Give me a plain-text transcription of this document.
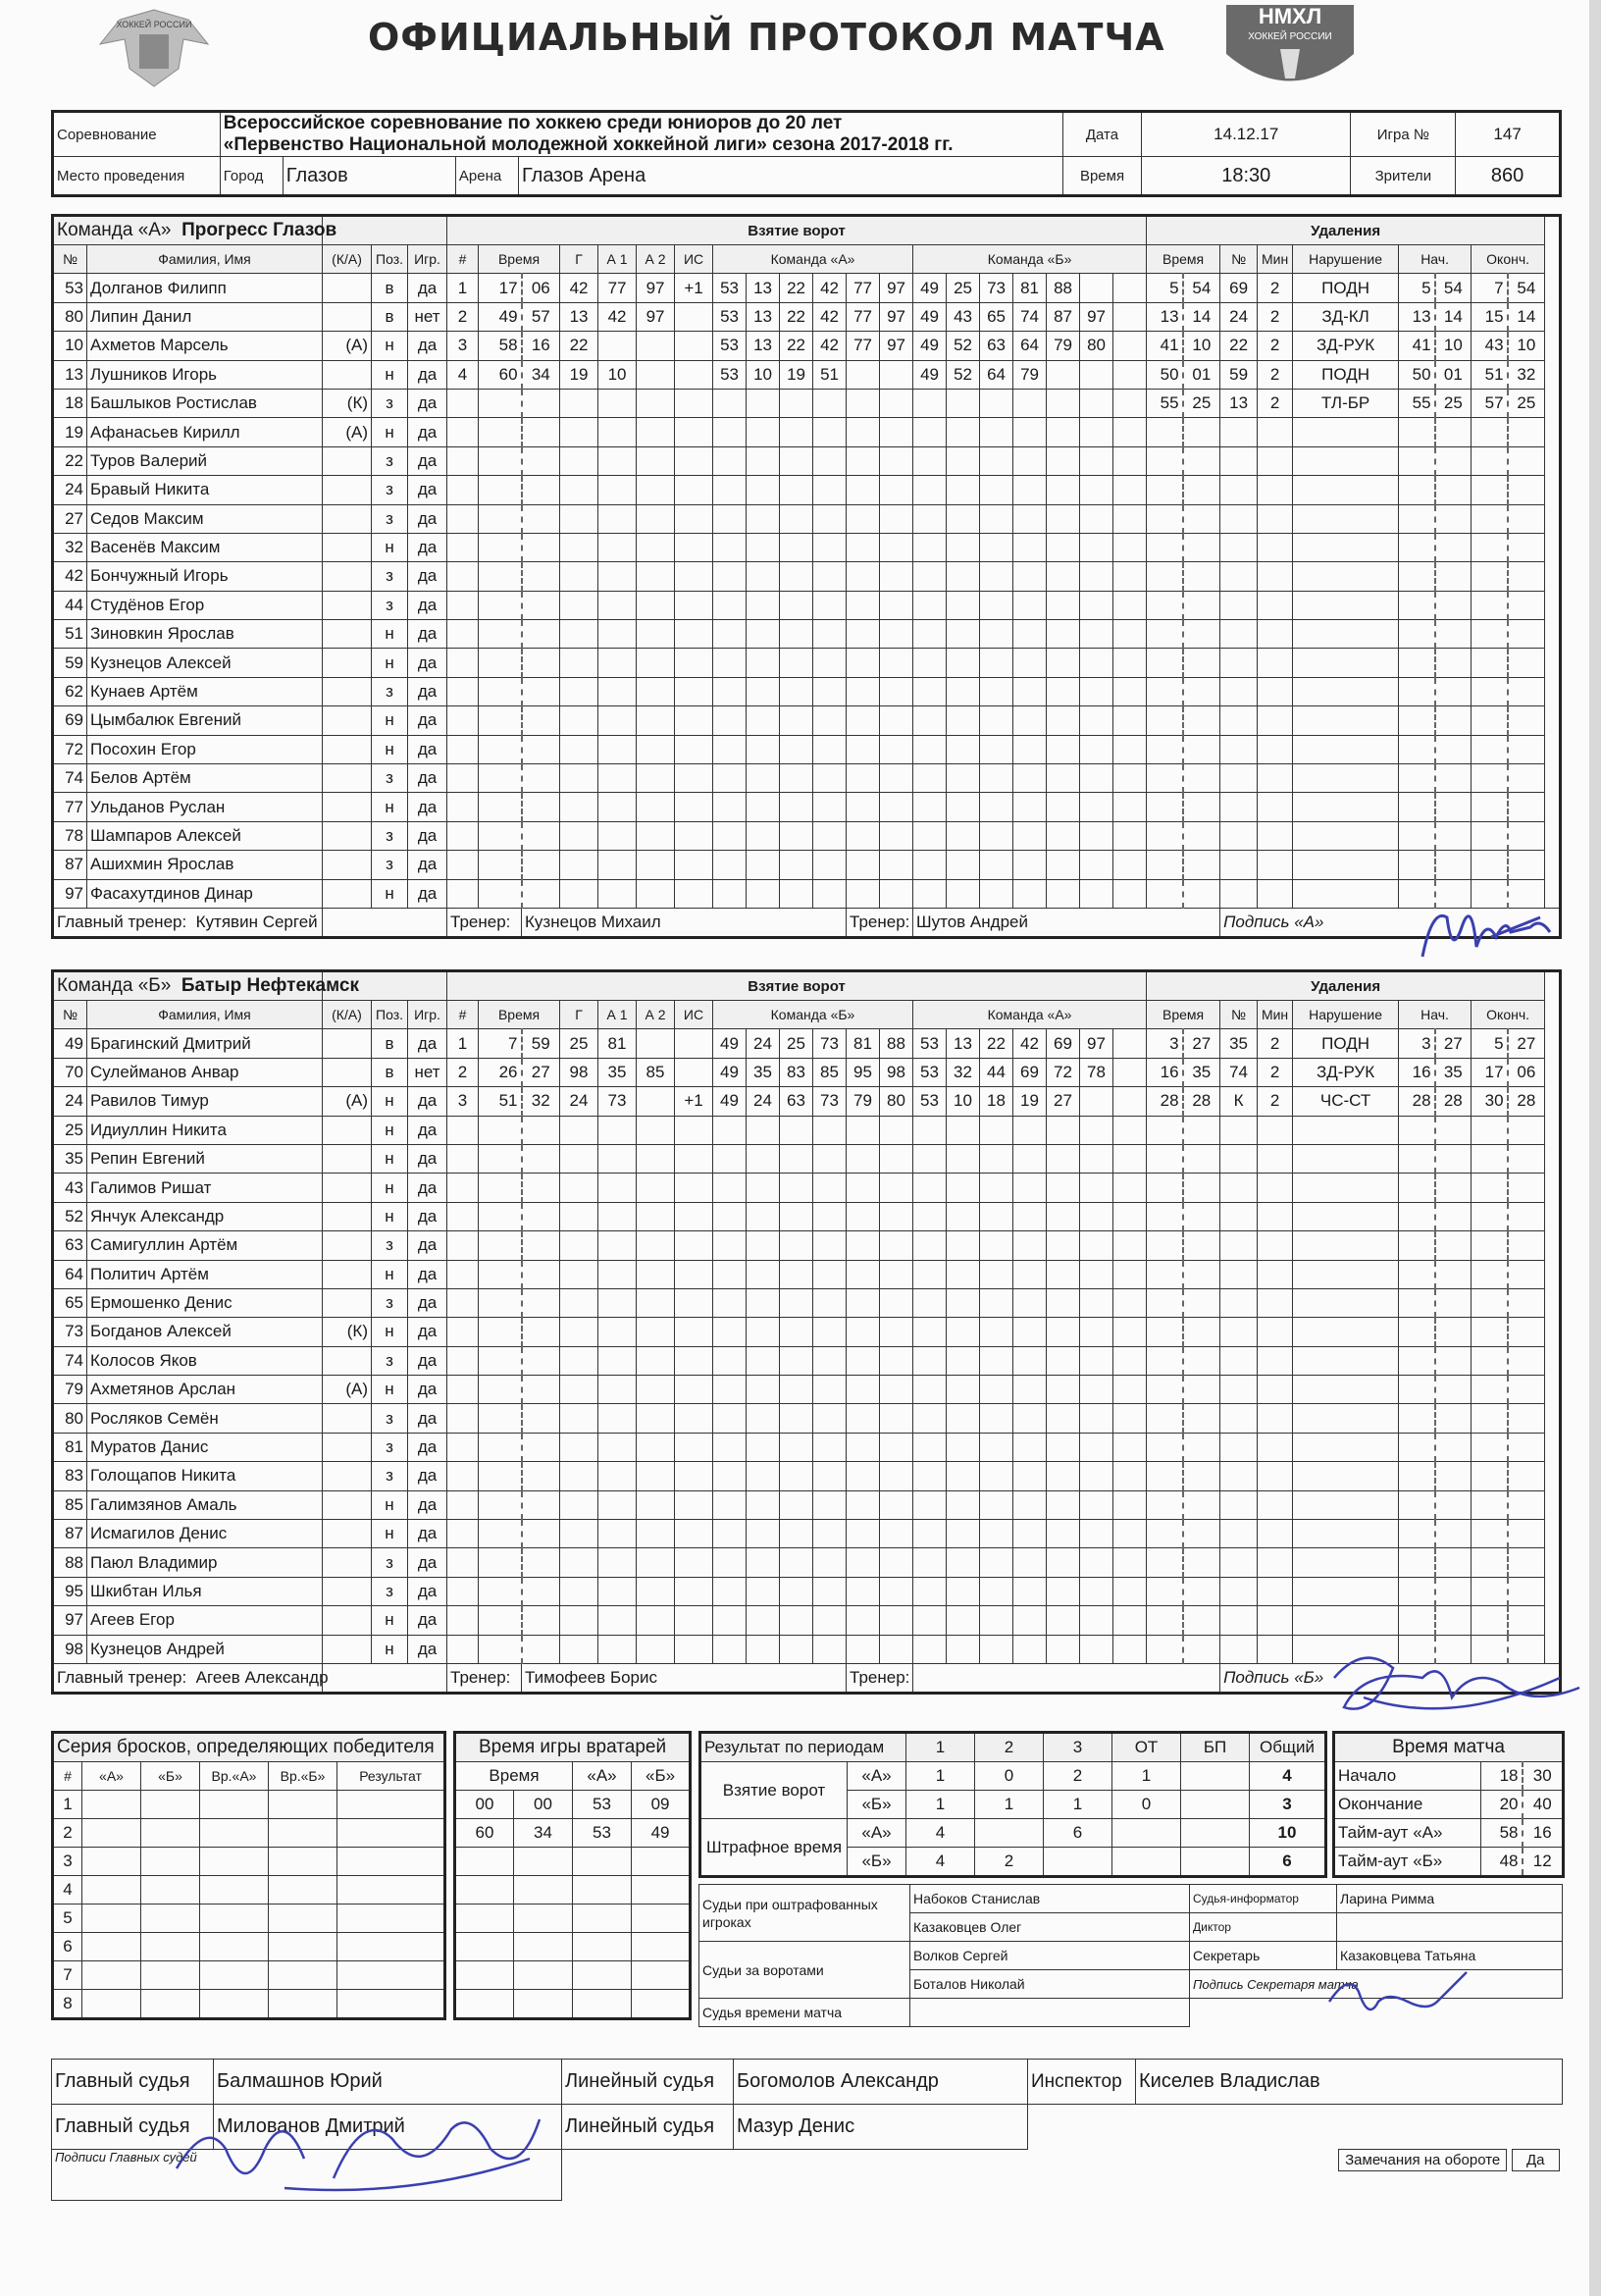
ХОККЕЙ РОССИИ	ОФИЦИАЛЬНЫЙ ПРОТОКОЛ МАТЧА	НМХЛ
ХОККЕЙ РОССИИ
Соревнование	Всероссийское соревнование по хоккею среди юниоров до 20 лет
«Первенство Национальной молодежной хоккейной лиги» сезона 2017-2018 гг.				Дата	14.12.17	Игра №	147
Место проведения	Город	Глазов	Арена	Глазов Арена	Время	18:30	Зрители	860
Команда «А» Прогресс Глазов					Взятие ворот																				Удаления								
№	Фамилия, Имя	(К/А)	Поз.	Игр.	#	Время		Г	А 1	А 2	ИС	Команда «А»						Команда «Б»							Время		№	Мин	Нарушение	Нач.		Оконч.	
53	Долганов Филипп		в	да	1	17	06	42	77	97	+1	53	13	22	42	77	97	49	25	73	81	88			5	54	69	2	ПОДН	5	54	7	54
80	Липин Данил		в	нет	2	49	57	13	42	97		53	13	22	42	77	97	49	43	65	74	87	97		13	14	24	2	ЗД-КЛ	13	14	15	14
10	Ахметов Марсель	(А)	н	да	3	58	16	22				53	13	22	42	77	97	49	52	63	64	79	80		41	10	22	2	ЗД-РУК	41	10	43	10
13	Лушников Игорь		н	да	4	60	34	19	10			53	10	19	51			49	52	64	79				50	01	59	2	ПОДН	50	01	51	32
18	Башлыков Ростислав	(К)	з	да																					55	25	13	2	ТЛ-БР	55	25	57	25
19	Афанасьев Кирилл	(А)	н	да																													
22	Туров Валерий		з	да																													
24	Бравый Никита		з	да																													
27	Седов Максим		з	да																													
32	Васенёв Максим		н	да																													
42	Бончужный Игорь		з	да																													
44	Студёнов Егор		з	да																													
51	Зиновкин Ярослав		н	да																													
59	Кузнецов Алексей		н	да																													
62	Кунаев Артём		з	да																													
69	Цымбалюк Евгений		н	да																													
72	Посохин Егор		н	да																													
74	Белов Артём		з	да																													
77	Ульданов Руслан		н	да																													
78	Шампаров Алексей		з	да																													
87	Ашихмин Ярослав		з	да																													
97	Фасахутдинов Динар		н	да																													
Главный тренер: Кутявин Сергей					Тренер:		Кузнецов Михаил									Тренер:		Шутов Андрей									Подпись «А»						
Команда «Б» Батыр Нефтекамск					Взятие ворот																				Удаления								
№	Фамилия, Имя	(К/А)	Поз.	Игр.	#	Время		Г	А 1	А 2	ИС	Команда «Б»						Команда «А»							Время		№	Мин	Нарушение	Нач.		Оконч.	
49	Брагинский Дмитрий		в	да	1	7	59	25	81			49	24	25	73	81	88	53	13	22	42	69	97		3	27	35	2	ПОДН	3	27	5	27
70	Сулейманов Анвар		в	нет	2	26	27	98	35	85		49	35	83	85	95	98	53	32	44	69	72	78		16	35	74	2	ЗД-РУК	16	35	17	06
24	Равилов Тимур	(А)	н	да	3	51	32	24	73		+1	49	24	63	73	79	80	53	10	18	19	27			28	28	К	2	ЧС-СТ	28	28	30	28
25	Идиуллин Никита		н	да																													
35	Репин Евгений		н	да																													
43	Галимов Ришат		н	да																													
52	Янчук Александр		н	да																													
63	Самигуллин Артём		з	да																													
64	Политич Артём		н	да																													
65	Ермошенко Денис		з	да																													
73	Богданов Алексей	(К)	н	да																													
74	Колосов Яков		з	да																													
79	Ахметянов Арслан	(А)	н	да																													
80	Росляков Семён		з	да																													
81	Муратов Данис		з	да																													
83	Голощапов Никита		з	да																													
85	Галимзянов Амаль		н	да																													
87	Исмагилов Денис		н	да																													
88	Паюл Владимир		з	да																													
95	Шкибтан Илья		з	да																													
97	Агеев Егор		н	да																													
98	Кузнецов Андрей		н	да																													
Главный тренер: Агеев Александр					Тренер:		Тимофеев Борис									Тренер:											Подпись «Б»						
Серия бросков, определяющих победителя					
#	«А»	«Б»	Вр.«А»	Вр.«Б»	Результат
1					
2					
3					
4					
5					
6					
7					
8					
Время игры вратарей			
Время		«А»	«Б»
00	00	53	09
60	34	53	49

Результат по периодам		1	2	3	ОТ	БП	Общий
Взятие ворот	«А»	1	0	2	1		4
	«Б»	1	1	1	0		3
Штрафное время	«А»	4		6			10
	«Б»	4	2				6
Время матча		
Начало	18	30
Окончание	20	40
Тайм-аут «А»	58	16
Тайм-аут «Б»	48	12
Судьи при оштрафованных игроках	Набоков Станислав	Судья-информатор	Ларина Римма
	Казаковцев Олег	Диктор	
Судьи за воротами	Волков Сергей	Секретарь	Казаковцева Татьяна
	Боталов Николай	Подпись Секретаря матча	
Судья времени матча			
Главный судья	Балмашнов Юрий	Линейный судья	Богомолов Александр	Инспектор	Киселев Владислав
Главный судья	Милованов Дмитрий	Линейный судья	Мазур Денис		
Подписи Главных судей				Замечания на обороте Да	
